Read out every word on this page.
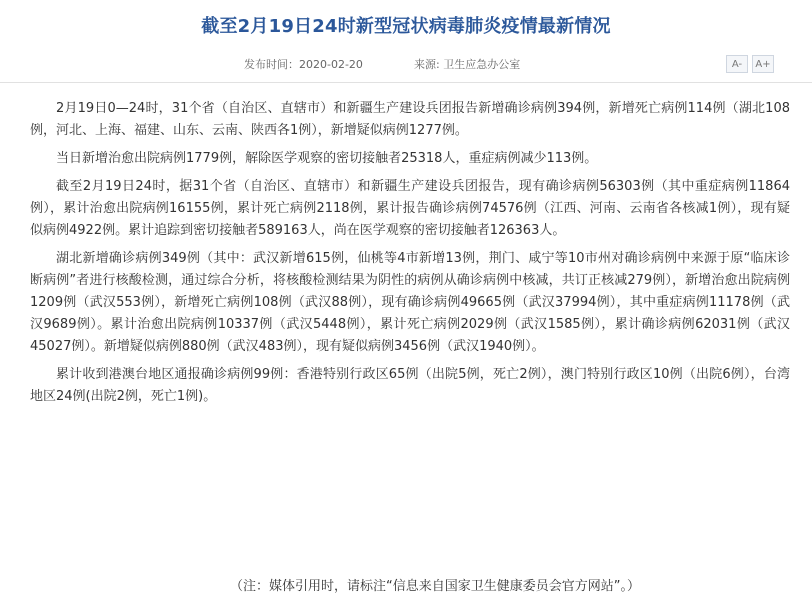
截至2月19日24时新型冠状病毒肺炎疫情最新情况
发布时间：2020-02-20	来源: 卫生应急办公室	A-	A+

2月19日0—24时，31个省（自治区、直辖市）和新疆生产建设兵团报告新增确诊病例394例，新增死亡病例114例（湖北108例，河北、上海、福建、山东、云南、陕西各1例），新增疑似病例1277例。

当日新增治愈出院病例1779例，解除医学观察的密切接触者25318人，重症病例减少113例。

截至2月19日24时，据31个省（自治区、直辖市）和新疆生产建设兵团报告，现有确诊病例56303例（其中重症病例11864例），累计治愈出院病例16155例，累计死亡病例2118例，累计报告确诊病例74576例（江西、河南、云南省各核减1例），现有疑似病例4922例。累计追踪到密切接触者589163人，尚在医学观察的密切接触者126363人。

湖北新增确诊病例349例（其中：武汉新增615例，仙桃等4市新增13例，荆门、咸宁等10市州对确诊病例中来源于原“临床诊断病例”者进行核酸检测，通过综合分析，将核酸检测结果为阴性的病例从确诊病例中核减，共订正核减279例），新增治愈出院病例1209例（武汉553例），新增死亡病例108例（武汉88例），现有确诊病例49665例（武汉37994例），其中重症病例11178例（武汉9689例）。累计治愈出院病例10337例（武汉5448例），累计死亡病例2029例（武汉1585例），累计确诊病例62031例（武汉45027例）。新增疑似病例880例（武汉483例），现有疑似病例3456例（武汉1940例）。

累计收到港澳台地区通报确诊病例99例：香港特别行政区65例（出院5例，死亡2例），澳门特别行政区10例（出院6例），台湾地区24例(出院2例，死亡1例)。

（注：媒体引用时，请标注“信息来自国家卫生健康委员会官方网站”。）
